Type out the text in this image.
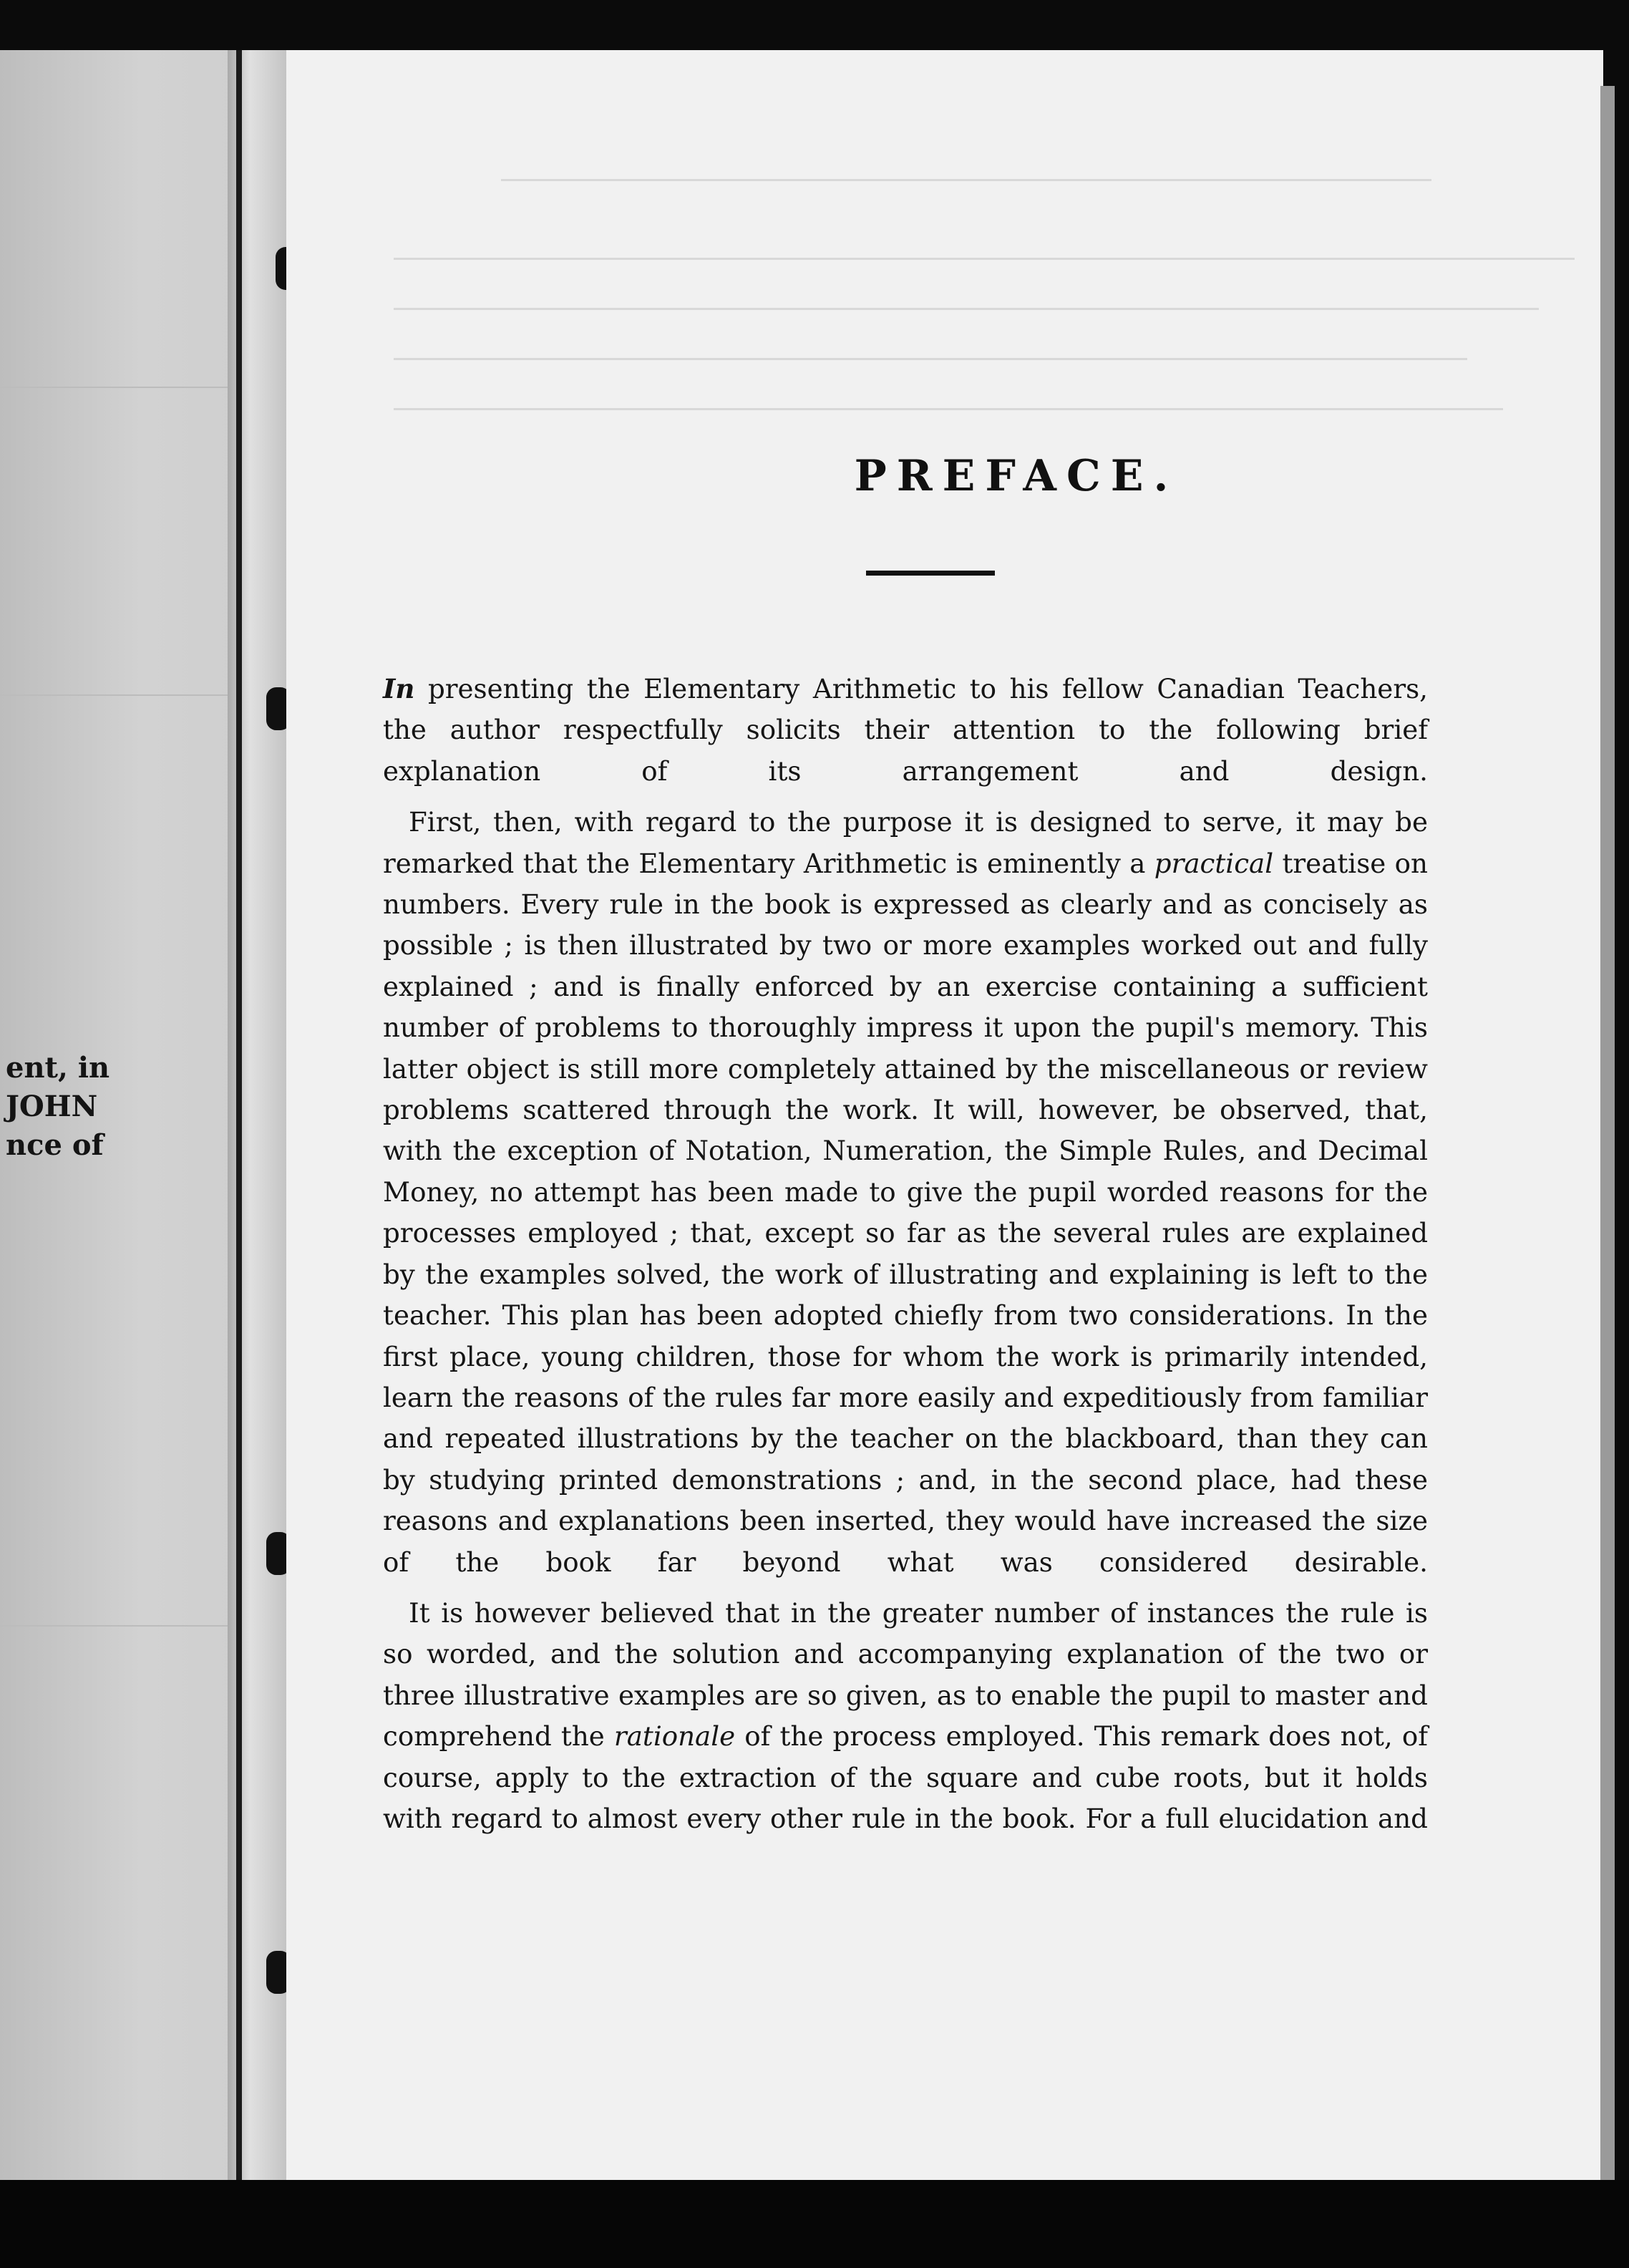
ent, in
JOHN
nce of
PREFACE.

In presenting the Elementary Arithmetic to his fellow Canadian Teachers, the author respectfully solicits their attention to the following brief explanation of its arrangement and design.

First, then, with regard to the purpose it is designed to serve, it may be remarked that the Elementary Arithmetic is eminently a practical treatise on numbers. Every rule in the book is expressed as clearly and as concisely as possible ; is then illustrated by two or more examples worked out and fully explained ; and is finally enforced by an exercise containing a sufficient number of problems to thoroughly impress it upon the pupil's memory. This latter object is still more completely attained by the miscellaneous or review problems scattered through the work. It will, however, be observed, that, with the exception of Notation, Numeration, the Simple Rules, and Decimal Money, no attempt has been made to give the pupil worded reasons for the processes employed ; that, except so far as the several rules are explained by the examples solved, the work of illustrating and explaining is left to the teacher. This plan has been adopted chiefly from two considerations. In the first place, young children, those for whom the work is primarily intended, learn the reasons of the rules far more easily and expeditiously from familiar and repeated illustrations by the teacher on the blackboard, than they can by studying printed demonstrations ; and, in the second place, had these reasons and explanations been inserted, they would have increased the size of the book far beyond what was considered desirable.

It is however believed that in the greater number of instances the rule is so worded, and the solution and accompanying explanation of the two or three illustrative examples are so given, as to enable the pupil to master and comprehend the rationale of the process employed. This remark does not, of course, apply to the extraction of the square and cube roots, but it holds with regard to almost every other rule in the book. For a full elucidation and
